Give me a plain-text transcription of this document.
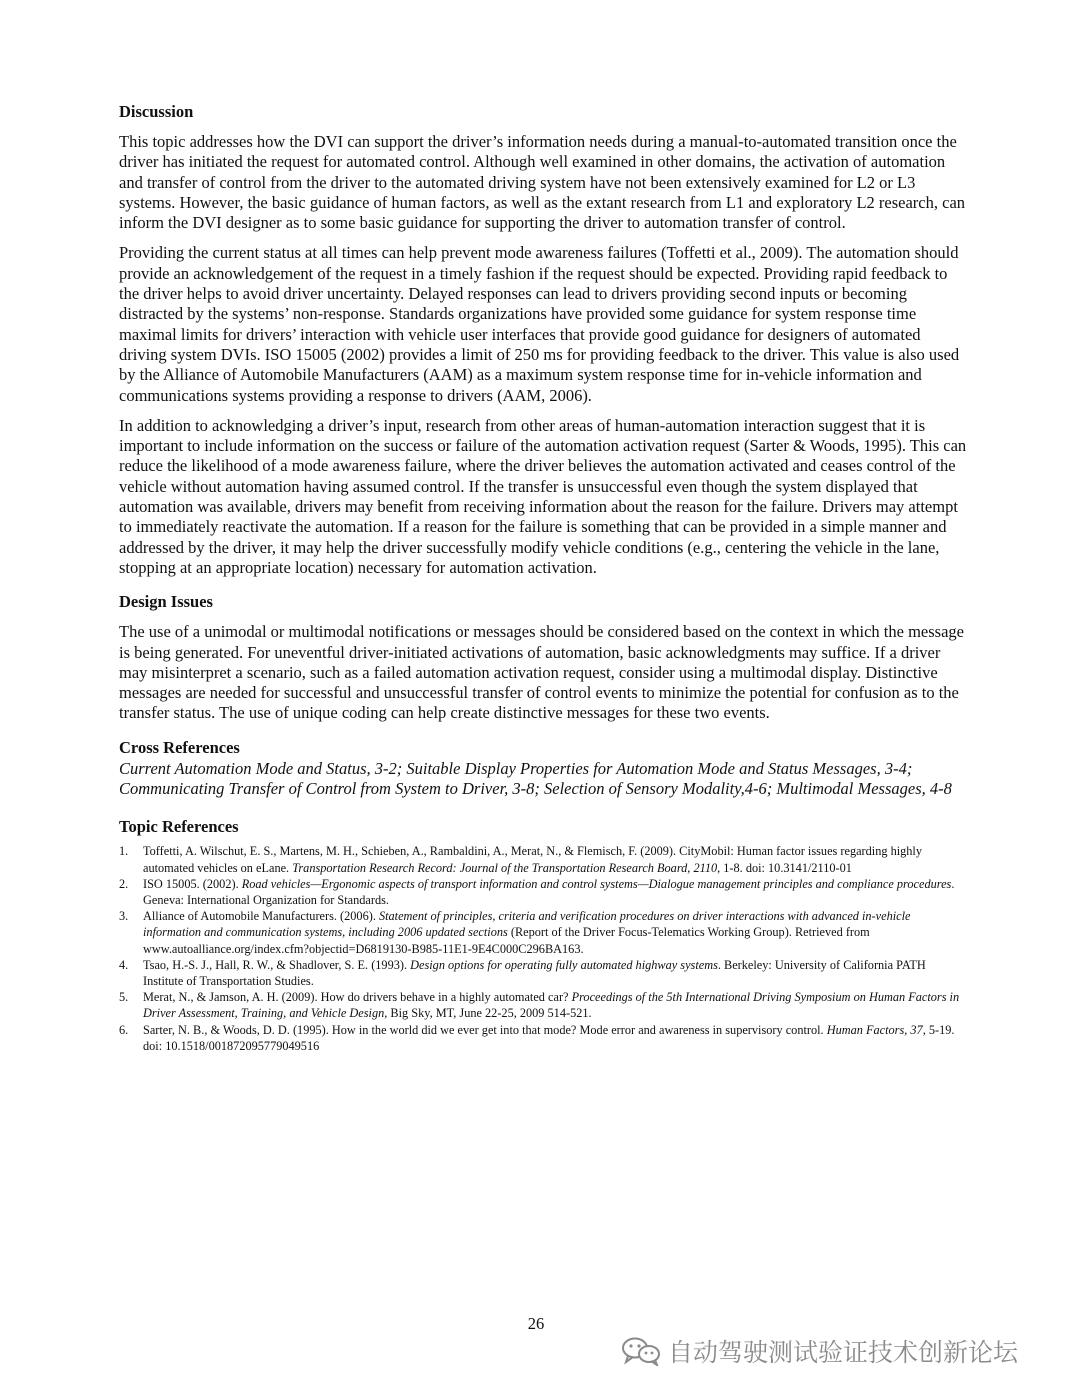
Discussion

This topic addresses how the DVI can support the driver’s information needs during a manual-to-automated transition once the driver has initiated the request for automated control. Although well examined in other domains, the activation of automation and transfer of control from the driver to the automated driving system have not been extensively examined for L2 or L3 systems. However, the basic guidance of human factors, as well as the extant research from L1 and exploratory L2 research, can inform the DVI designer as to some basic guidance for supporting the driver to automation transfer of control.

Providing the current status at all times can help prevent mode awareness failures (Toffetti et al., 2009). The automation should provide an acknowledgement of the request in a timely fashion if the request should be expected. Providing rapid feedback to the driver helps to avoid driver uncertainty. Delayed responses can lead to drivers providing second inputs or becoming distracted by the systems’ non-response. Standards organizations have provided some guidance for system response time maximal limits for drivers’ interaction with vehicle user interfaces that provide good guidance for designers of automated driving system DVIs. ISO 15005 (2002) provides a limit of 250 ms for providing feedback to the driver. This value is also used by the Alliance of Automobile Manufacturers (AAM) as a maximum system response time for in-vehicle information and communications systems providing a response to drivers (AAM, 2006).

In addition to acknowledging a driver’s input, research from other areas of human-automation interaction suggest that it is important to include information on the success or failure of the automation activation request (Sarter & Woods, 1995). This can reduce the likelihood of a mode awareness failure, where the driver believes the automation activated and ceases control of the vehicle without automation having assumed control. If the transfer is unsuccessful even though the system displayed that automation was available, drivers may benefit from receiving information about the reason for the failure. Drivers may attempt to immediately reactivate the automation. If a reason for the failure is something that can be provided in a simple manner and addressed by the driver, it may help the driver successfully modify vehicle conditions (e.g., centering the vehicle in the lane, stopping at an appropriate location) necessary for automation activation.

Design Issues

The use of a unimodal or multimodal notifications or messages should be considered based on the context in which the message is being generated. For uneventful driver-initiated activations of automation, basic acknowledgments may suffice. If a driver may misinterpret a scenario, such as a failed automation activation request, consider using a multimodal display. Distinctive messages are needed for successful and unsuccessful transfer of control events to minimize the potential for confusion as to the transfer status. The use of unique coding can help create distinctive messages for these two events.

Cross References
Current Automation Mode and Status, 3-2; Suitable Display Properties for Automation Mode and Status Messages, 3-4; Communicating Transfer of Control from System to Driver, 3-8; Selection of Sensory Modality,4-6; Multimodal Messages, 4-8
Topic References
1. Toffetti, A. Wilschut, E. S., Martens, M. H., Schieben, A., Rambaldini, A., Merat, N., & Flemisch, F. (2009). CityMobil: Human factor issues regarding highly automated vehicles on eLane. Transportation Research Record: Journal of the Transportation Research Board, 2110, 1-8. doi: 10.3141/2110-01
2. ISO 15005. (2002). Road vehicles—Ergonomic aspects of transport information and control systems—Dialogue management principles and compliance procedures. Geneva: International Organization for Standards.
3. Alliance of Automobile Manufacturers. (2006). Statement of principles, criteria and verification procedures on driver interactions with advanced in-vehicle information and communication systems, including 2006 updated sections (Report of the Driver Focus-Telematics Working Group). Retrieved from www.autoalliance.org/index.cfm?objectid=D6819130-B985-11E1-9E4C000C296BA163.
4. Tsao, H.-S. J., Hall, R. W., & Shadlover, S. E. (1993). Design options for operating fully automated highway systems. Berkeley: University of California PATH Institute of Transportation Studies.
5. Merat, N., & Jamson, A. H. (2009). How do drivers behave in a highly automated car? Proceedings of the 5th International Driving Symposium on Human Factors in Driver Assessment, Training, and Vehicle Design, Big Sky, MT, June 22-25, 2009 514-521.
6. Sarter, N. B., & Woods, D. D. (1995). How in the world did we ever get into that mode? Mode error and awareness in supervisory control. Human Factors, 37, 5-19. doi: 10.1518/001872095779049516
26
自动驾驶测试验证技术创新论坛
